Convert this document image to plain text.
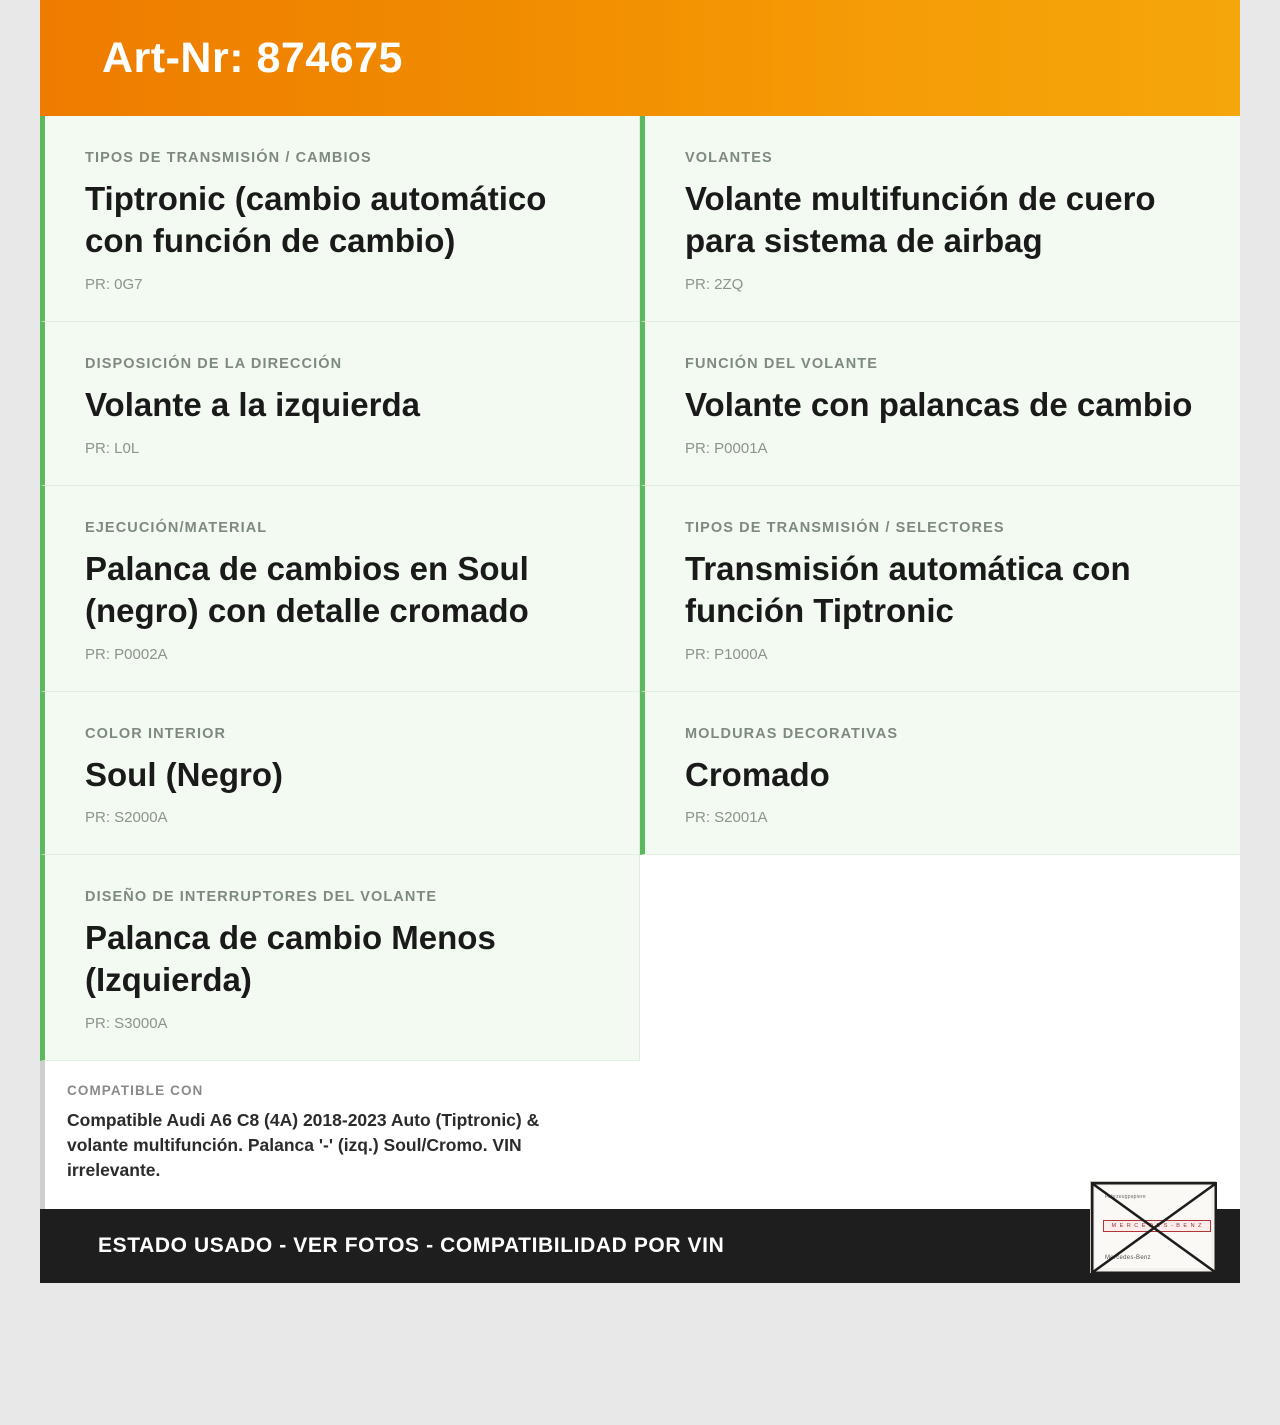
Art-Nr: 874675
TIPOS DE TRANSMISIÓN / CAMBIOS
Tiptronic (cambio automático con función de cambio)
PR: 0G7
DISPOSICIÓN DE LA DIRECCIÓN
Volante a la izquierda
PR: L0L
EJECUCIÓN/MATERIAL
Palanca de cambios en Soul (negro) con detalle cromado
PR: P0002A
COLOR INTERIOR
Soul (Negro)
PR: S2000A
DISEÑO DE INTERRUPTORES DEL VOLANTE
Palanca de cambio Menos (Izquierda)
PR: S3000A
COMPATIBLE CON
Compatible Audi A6 C8 (4A) 2018-2023 Auto (Tiptronic) & volante multifunción. Palanca '-' (izq.) Soul/Cromo. VIN irrelevante.
VOLANTES
Volante multifunción de cuero para sistema de airbag
PR: 2ZQ
FUNCIÓN DEL VOLANTE
Volante con palancas de cambio
PR: P0001A
TIPOS DE TRANSMISIÓN / SELECTORES
Transmisión automática con función Tiptronic
PR: P1000A
MOLDURAS DECORATIVAS
Cromado
PR: S2001A
ESTADO USADO - VER FOTOS - COMPATIBILIDAD POR VIN
Fahrzeugpapiere
M E R C E D E S - B E N Z
Mercedes-Benz
